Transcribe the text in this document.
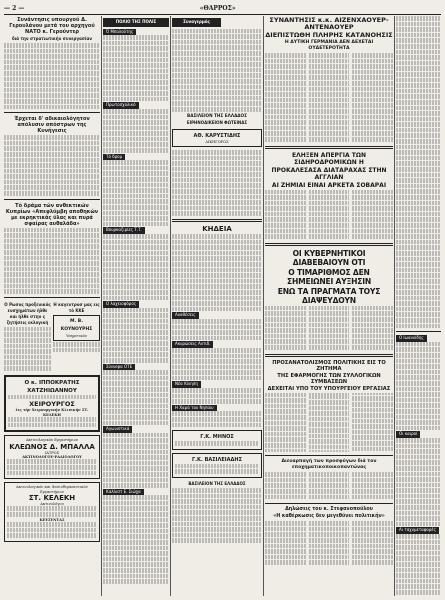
— 2 —	«ΘΑΡΡΟΣ»
Συνάντησις υπουργού Δ. Γερουλάνου μετά του αρχηγού ΝΑΤΟ κ. Γερούντερ
διά την στρατιωτικήν συνεργασίαν
Έρχεται δ' αδικαιολόγητον απόλυσιν απόστρων της Κυνήγεσις
Τό δράμα τών ανθεκτικών Κυπρίων «Απεφλύμβη αποθηκών με εκρηκτικάς ύλας και πυρά σφαίρας αυθαλάδα»
Ο Ρωσος προξενικός ενσχημάτων ήλθε και ήλθε στην ς ζητήσεις εκλογική
Η καγεντροσ μας εις τό ΚΚΕ
Μ. Β. ΚΟΥΝΟΥΡΗΣ
Υπηρετικόν
Ο κ. ΙΠΠΟΚΡΑΤΗΣ ΧΑΤΖΗΙΩΑΝΝΟΥ
ΧΕΙΡΟΥΡΓΟΣ
ἐις τήν Χειρουργικήν Κλινικήν ΣΤ. ΚΕΛΕΚΗ
Ακτινολογικόν Εργαστήριον
ΚΛΕΩΝΟΣ Δ. ΜΠΑΛΛΑ
ΙΑΤΡΟΣ
ΑΚΤΙΝΟΛΟΓΟΥ-ΡΑΔΙΟΛΟΓΟΥ
Ακτινολογικόν και Φυσιοθεραπευτικόν Εργαστήριον
ΣΤ. ΚΕΛΕΚΗ
Ακτινολόγου
ΚΕΥΣΥΝΤΑΣ
ΠΟΛΙΟ ΤΗΣ ΠΟΛΙΣ
Ό Μπολούτης
Πρωτοσχολικό
Τό δρομ
Βουρκαζιρίες Τ.Τ.
Ο λαχειοφόρος
Σύννεφα ΟΤΕ
Αγωνιστικά
Καλλιστ Ε. Σιώχα
Συναγερμός
ΒΑΣΙΛΕΙΟΝ ΤΗΣ ΕΛΛΑΔΟΣ
ΕΙΡΗΝΟΔΙΚΕΙΟΝ ΦΩΤΕΙΝΑΣ
ΑΘ. ΚΑΡΥΣΤΙΔΗΣ
ΔΙΚΗΓΟΡΟΣ
ΚΗΔΕΙΑ
Αναθέσεις
Ακυρώσεις Αντιδ.
Νέα Κίνηση
Η Χαρά του Νηπίου
Γ.Κ. ΜΗΝΟΣ
Γ.Κ. ΒΑΣΙΛΕΙΑΔΗΣ
ΒΑΣΙΛΕΙΟΝ ΤΗΣ ΕΛΛΑΔΟΣ
ΣΥΝΑΝΤΗΣΙΣ κ.κ. ΑΙΖΕΝΧΑΟΥΕΡ-ΑΝΤΕΝΑΟΥΕΡ
ΔΙΕΠΙΣΤΩΘΗ ΠΛΗΡΗΣ ΚΑΤΑΝΟΗΣΙΣ
Η ΔΥΤΙΚΗ ΓΕΡΜΑΝΙΑ ΔΕΝ ΔΕΧΕΤΑΙ ΟΥΔΕΤΕΡΟΤΗΤΑ
ΕΛΗΞΕΝ ΑΠΕΡΓΙΑ ΤΩΝ ΣΙΔΗΡΟΔΡΟΜΙΚΩΝ Η
ΠΡΟΚΑΛΕΣΑΣΑ ΔΙΑΤΑΡΑΧΑΣ ΣΤΗΝ ΑΓΓΛΙΑΝ
ΑΙ ΖΗΜΙΑΙ ΕΙΝΑΙ ΑΡΚΕΤΑ ΣΟΒΑΡΑΙ
ΟΙ ΚΥΒΕΡΝΗΤΙΚΟΙ ΔΙΑΒΕΒΑΙΟΥΝ ΟΤΙ
Ο ΤΙΜΑΡΙΘΜΟΣ ΔΕΝ ΣΗΜΕΙΩΝΕΙ ΑΥΞΗΣΙΝ
ΕΝΩ ΤΑ ΠΡΑΓΜΑΤΑ ΤΟΥΣ ΔΙΑΨΕΥΔΟΥΝ
ΠΡΟΣΑΝΑΤΟΛΙΣΜΟΣ ΠΟΛΙΤΙΚΗΣ ΕΙΣ ΤΟ ΖΗΤΗΜΑ
ΤΗΣ ΕΦΑΡΜΟΓΗΣ ΤΩΝ ΣΥΛΛΟΓΙΚΩΝ ΣΥΜΒΑΣΕΩΝ
ΔΕΧΕΙΤΑΙ ΥΠΟ ΤΟΥ ΥΠΟΥΡΓΕΙΟΥ ΕΡΓΑΣΙΑΣ
Διευαρπαγή των προσφύγων διά τον εποχηματικοποικοπαντώνας
Δηλώσεις του κ. Στεφανοπούλου
«Η καθέρκωσις δεν μεγεθύνει πολιτικήν»
Ο Ιωαννίδης
Οι καιροί
Αι ταχυμεταφορές
